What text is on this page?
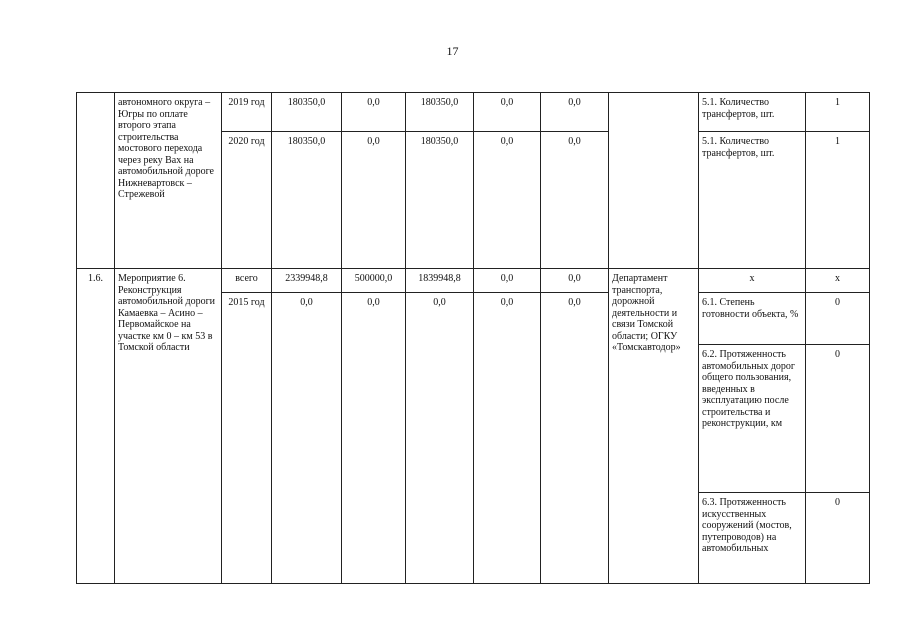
17
	автономного округа – Югры по оплате второго этапа строительства мостового перехода через реку Вах на автомобильной дороге Нижневартовск – Стрежевой	2019 год	180350,0	0,0	180350,0	0,0	0,0		5.1. Количество трансфертов, шт.	1
		2020 год	180350,0	0,0	180350,0	0,0	0,0		5.1. Количество трансфертов, шт.	1
1.6.	Мероприятие 6. Реконструкция автомобильной дороги Камаевка – Асино – Первомайское на участке км 0 – км 53 в Томской области	всего	2339948,8	500000,0	1839948,8	0,0	0,0	Департамент транспорта, дорожной деятельности и связи Томской области; ОГКУ «Томскавтодор»	х	х
		2015 год	0,0	0,0	0,0	0,0	0,0		6.1. Степень готовности объекта, %	0
									6.2. Протяженность автомобильных дорог общего пользования, введенных в эксплуатацию после строительства и реконструкции, км	0
									6.3. Протяженность искусственных сооружений (мостов, путепроводов) на автомобильных	0
